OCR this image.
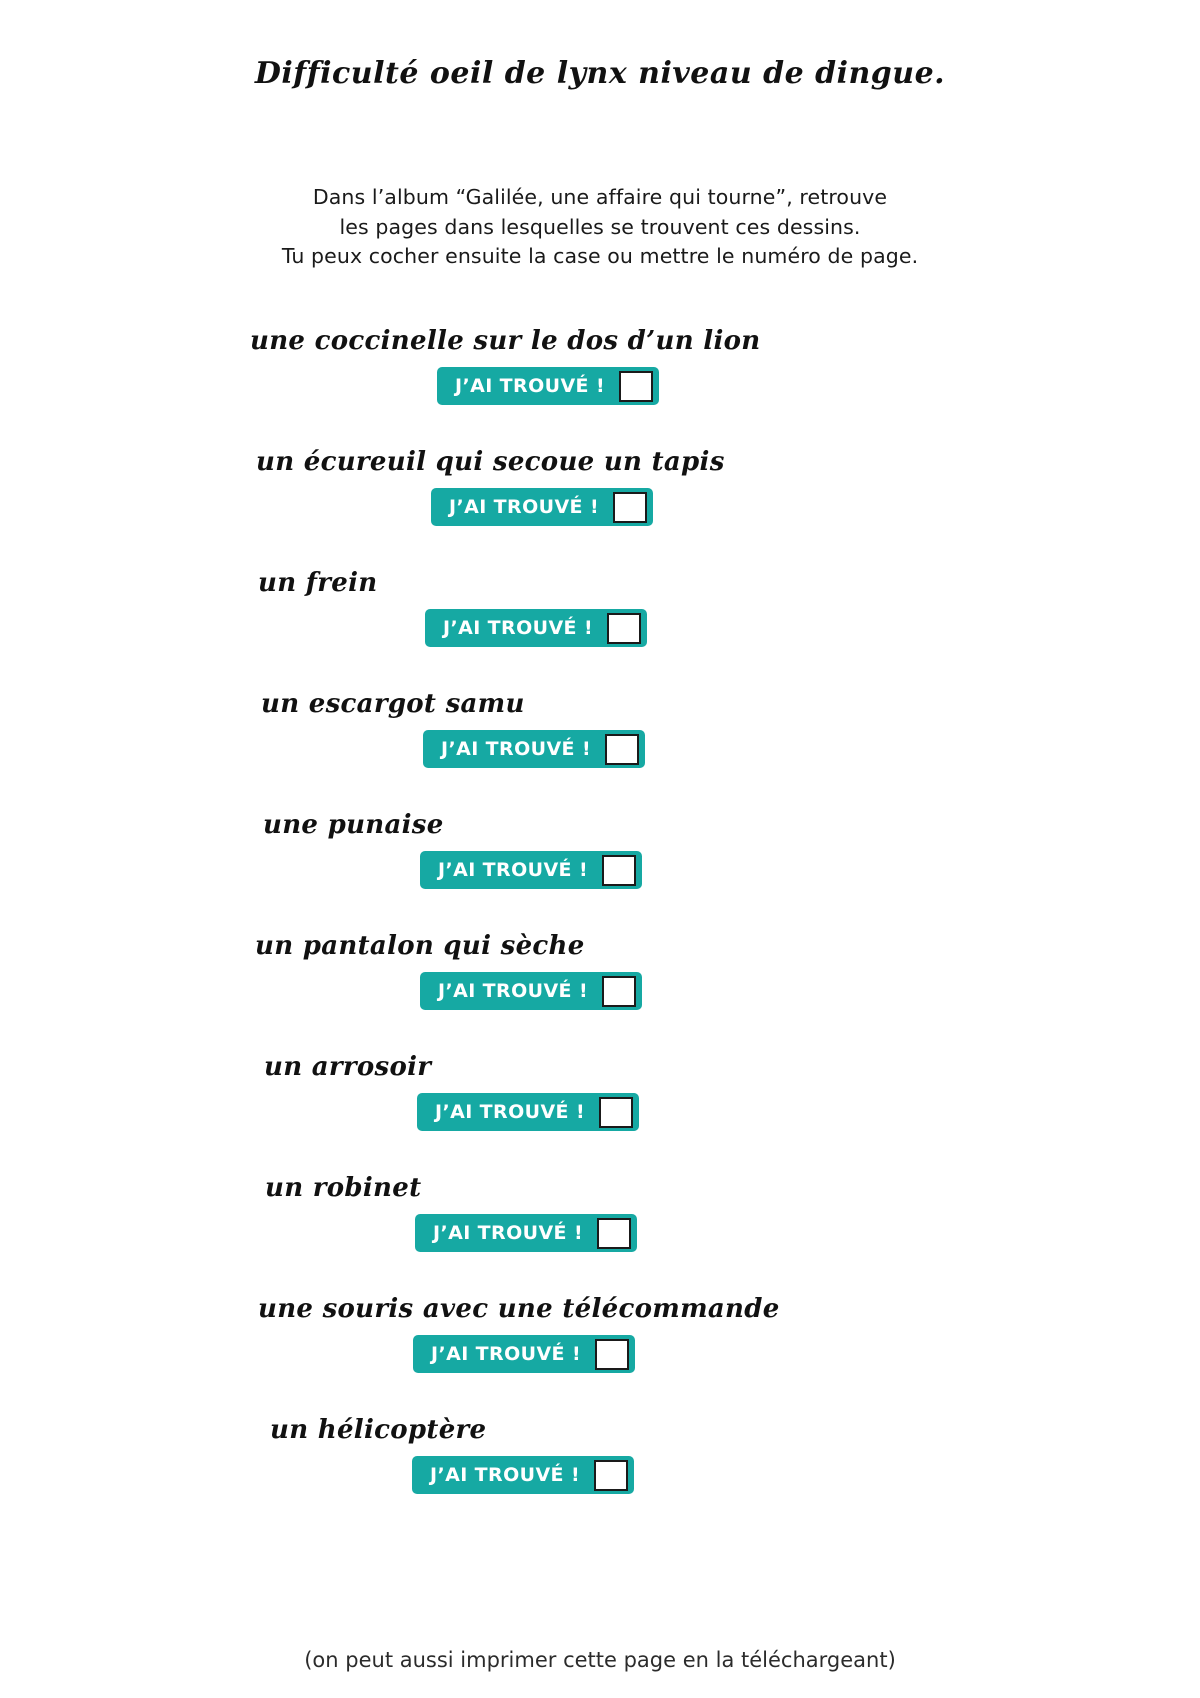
Difficulté oeil de lynx niveau de dingue.
Dans l’album “Galilée, une affaire qui tourne”, retrouve
les pages dans lesquelles se trouvent ces dessins.
Tu peux cocher ensuite la case ou mettre le numéro de page.
une coccinelle sur le dos d’un lion
J’AI TROUVÉ !
un écureuil qui secoue un tapis
J’AI TROUVÉ !
un frein
J’AI TROUVÉ !
un escargot samu
J’AI TROUVÉ !
une punaise
J’AI TROUVÉ !
un pantalon qui sèche
J’AI TROUVÉ !
un arrosoir
J’AI TROUVÉ !
un robinet
J’AI TROUVÉ !
une souris avec une télécommande
J’AI TROUVÉ !
un hélicoptère
J’AI TROUVÉ !
(on peut aussi imprimer cette page en la téléchargeant)
